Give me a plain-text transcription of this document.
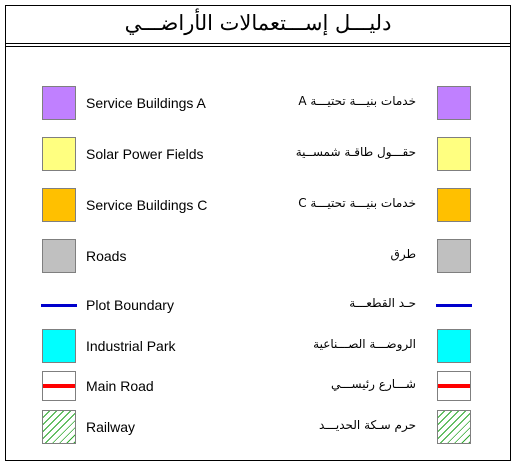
دليـــل إســـتعمالات الأراضـــي
Service Buildings A	خدمات بنيـــة تحتيـــة A
Solar Power Fields	حقـــول طاقـة شمســية
Service Buildings C	خدمات بنيـــة تحتيـــة C
Roads	طرق
Plot Boundary	حـد القطعـــة
Industrial Park	الروضـــة الصـــناعية
Main Road	شـــارع رئيســـي
Railway	حرم سـكة الحديـــد
